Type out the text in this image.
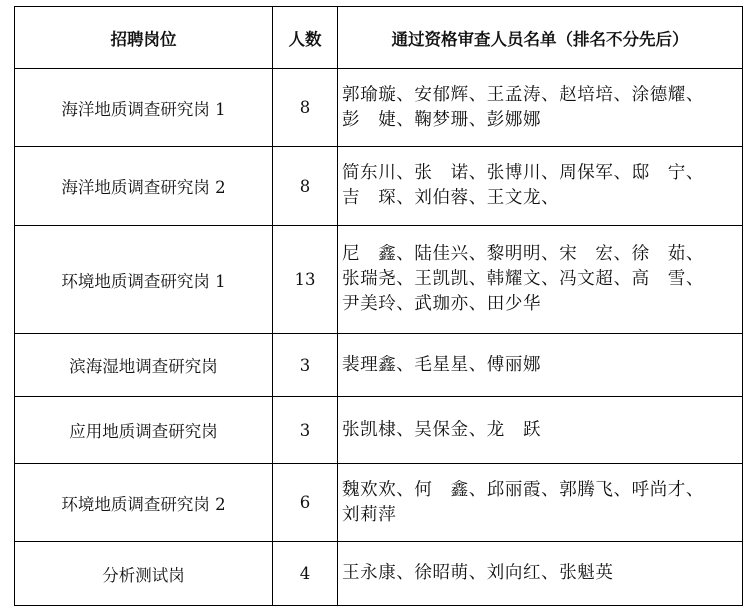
招聘岗位	人数	通过资格审查人员名单（排名不分先后）
海洋地质调查研究岗 1	8	郭瑜璇、安郁辉、王孟涛、赵培培、涂德耀、
彭　婕、鞠梦珊、彭娜娜

海洋地质调查研究岗 2	8	简东川、张　诺、张博川、周保军、邸　宁、
吉　琛、刘伯蓉、王文龙、

环境地质调查研究岗 1	13	尼　鑫、陆佳兴、黎明明、宋　宏、徐　茹、
张瑞尧、王凯凯、韩耀文、冯文超、高　雪、
尹美玲、武珈亦、田少华

滨海湿地调查研究岗	3	裴理鑫、毛星星、傅丽娜

应用地质调查研究岗	3	张凯棣、吴保金、龙　跃

环境地质调查研究岗 2	6	魏欢欢、何　鑫、邱丽霞、郭腾飞、呼尚才、
刘莉萍

分析测试岗	4	王永康、徐昭萌、刘向红、张魁英
